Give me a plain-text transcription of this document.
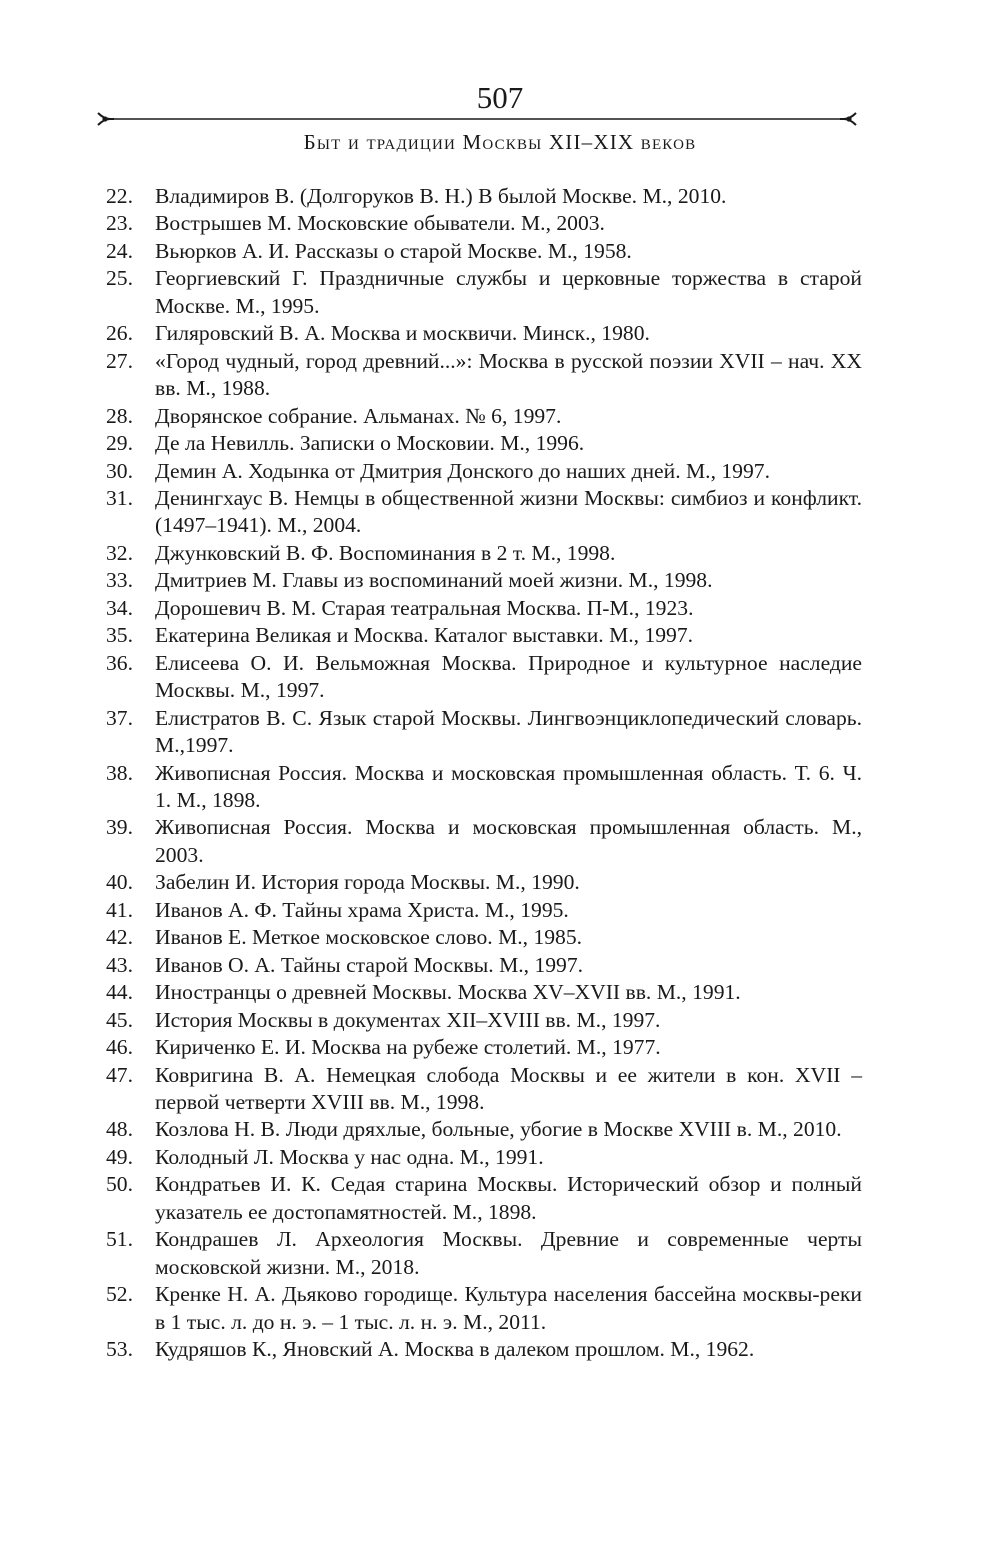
507
Быт и традиции Москвы XII–XIX веков
22.	Владимиров В. (Долгоруков В. Н.) В былой Москве. М., 2010.
23.	Вострышев М. Московские обыватели. М., 2003.
24.	Вьюрков А. И. Рассказы о старой Москве. М., 1958.
25.	Георгиевский Г. Праздничные службы и церковные торжества в старой Москве. М., 1995.
26.	Гиляровский В. А. Москва и москвичи. Минск., 1980.
27.	«Город чудный, город древний...»: Москва в русской поэзии XVII – нач. XX вв. М., 1988.
28.	Дворянское собрание. Альманах. № 6, 1997.
29.	Де ла Невилль. Записки о Московии. М., 1996.
30.	Демин А. Ходынка от Дмитрия Донского до наших дней. М., 1997.
31.	Денингхаус В. Немцы в общественной жизни Москвы: симбиоз и конфликт. (1497–1941). М., 2004.
32.	Джунковский В. Ф. Воспоминания в 2 т. М., 1998.
33.	Дмитриев М. Главы из воспоминаний моей жизни. М., 1998.
34.	Дорошевич В. М. Старая театральная Москва. П-М., 1923.
35.	Екатерина Великая и Москва. Каталог выставки. М., 1997.
36.	Елисеева О. И. Вельможная Москва. Природное и культурное наследие Москвы. М., 1997.
37.	Елистратов В. С. Язык старой Москвы. Лингвоэнциклопедический словарь. М.,1997.
38.	Живописная Россия. Москва и московская промышленная область. Т. 6. Ч. 1. М., 1898.
39.	Живописная Россия. Москва и московская промышленная область. М., 2003.
40.	Забелин И. История города Москвы. М., 1990.
41.	Иванов А. Ф. Тайны храма Христа. М., 1995.
42.	Иванов Е. Меткое московское слово. М., 1985.
43.	Иванов О. А. Тайны старой Москвы. М., 1997.
44.	Иностранцы о древней Москвы. Москва XV–XVII вв. М., 1991.
45.	История Москвы в документах XII–XVIII вв. М., 1997.
46.	Кириченко Е. И. Москва на рубеже столетий. М., 1977.
47.	Ковригина В. А. Немецкая слобода Москвы и ее жители в кон. XVII – первой четверти XVIII вв. М., 1998.
48.	Козлова Н. В. Люди дряхлые, больные, убогие в Москве XVIII в. М., 2010.
49.	Колодный Л. Москва у нас одна. М., 1991.
50.	Кондратьев И. К. Седая старина Москвы. Исторический обзор и полный указатель ее достопамятностей. М., 1898.
51.	Кондрашев Л. Археология Москвы. Древние и современные черты московской жизни. М., 2018.
52.	Кренке Н. А. Дьяково городище. Культура населения бассейна москвы-реки в 1 тыс. л. до н. э. – 1 тыс. л. н. э. М., 2011.
53.	Кудряшов К., Яновский А. Москва в далеком прошлом. М., 1962.
